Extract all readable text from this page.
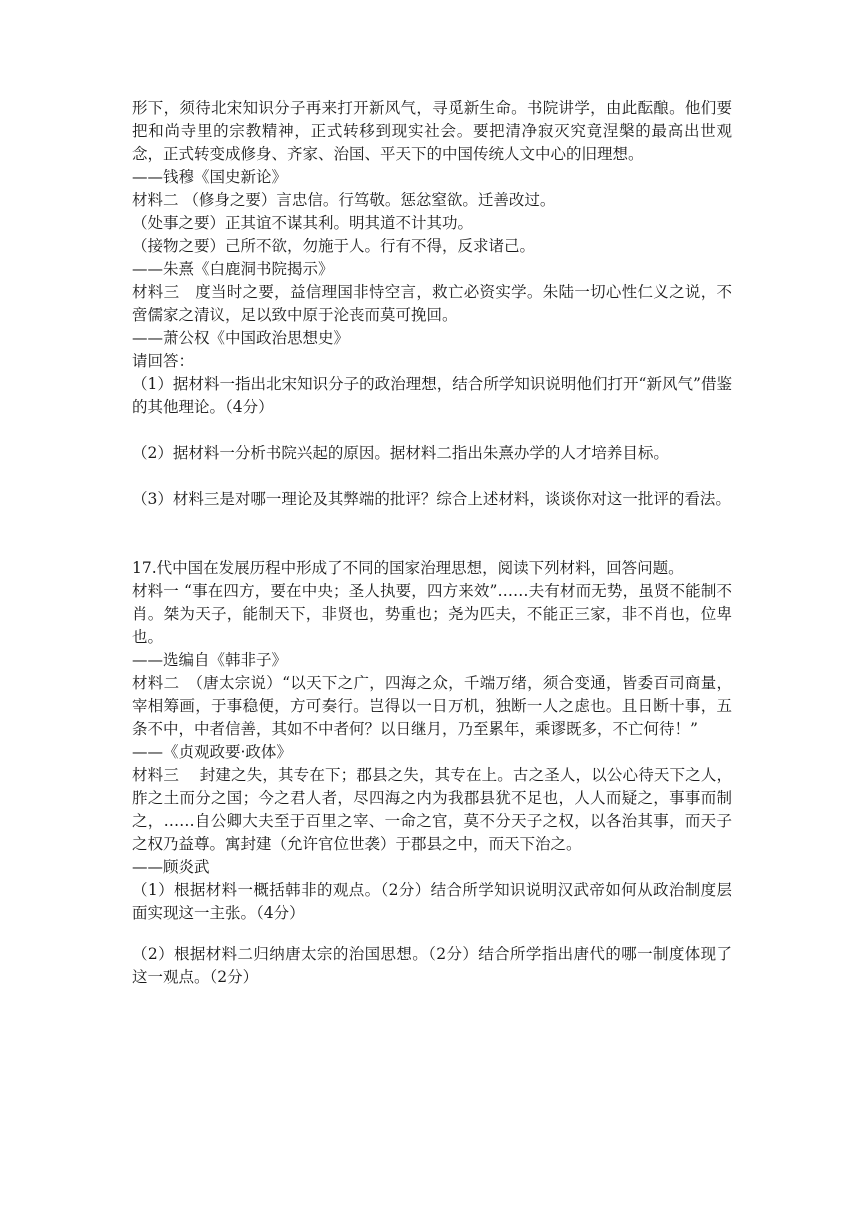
形下，须待北宋知识分子再来打开新风气，寻觅新生命。书院讲学，由此酝酿。他们要把和尚寺里的宗教精神，正式转移到现实社会。要把清净寂灭究竟涅槃的最高出世观念，正式转变成修身、齐家、治国、平天下的中国传统人文中心的旧理想。

——钱穆《国史新论》

材料二 （修身之要）言忠信。行笃敬。惩忿窒欲。迁善改过。

（处事之要）正其谊不谋其利。明其道不计其功。

（接物之要）己所不欲，勿施于人。行有不得，反求诸己。

——朱熹《白鹿洞书院揭示》

材料三　度当时之要，益信理国非恃空言，救亡必资实学。朱陆一切心性仁义之说，不啻儒家之清议，足以致中原于沦丧而莫可挽回。

——萧公权《中国政治思想史》

请回答：

（1）据材料一指出北宋知识分子的政治理想，结合所学知识说明他们打开“新风气”借鉴的其他理论。（4分）

（2）据材料一分析书院兴起的原因。据材料二指出朱熹办学的人才培养目标。

（3）材料三是对哪一理论及其弊端的批评？综合上述材料，谈谈你对这一批评的看法。

17.代中国在发展历程中形成了不同的国家治理思想，阅读下列材料，回答问题。

材料一 “事在四方，要在中央；圣人执要，四方来效”……夫有材而无势，虽贤不能制不肖。桀为天子，能制天下，非贤也，势重也；尧为匹夫，不能正三家，非不肖也，位卑也。

——选编自《韩非子》

材料二　（唐太宗说）“以天下之广，四海之众，千端万绪，须合变通，皆委百司商量，宰相筹画，于事稳便，方可奏行。岂得以一日万机，独断一人之虑也。且日断十事，五条不中，中者信善，其如不中者何？以日继月，乃至累年，乘谬既多，不亡何待！”

——《贞观政要·政体》

材料三　 封建之失，其专在下；郡县之失，其专在上。古之圣人，以公心待天下之人，胙之土而分之国；今之君人者，尽四海之内为我郡县犹不足也，人人而疑之，事事而制之，……自公卿大夫至于百里之宰、一命之官，莫不分天子之权，以各治其事，而天子之权乃益尊。寓封建（允许官位世袭）于郡县之中，而天下治之。

——顾炎武

（1）根据材料一概括韩非的观点。（2分）结合所学知识说明汉武帝如何从政治制度层面实现这一主张。（4分）

（2）根据材料二归纳唐太宗的治国思想。（2分）结合所学指出唐代的哪一制度体现了这一观点。（2分）
